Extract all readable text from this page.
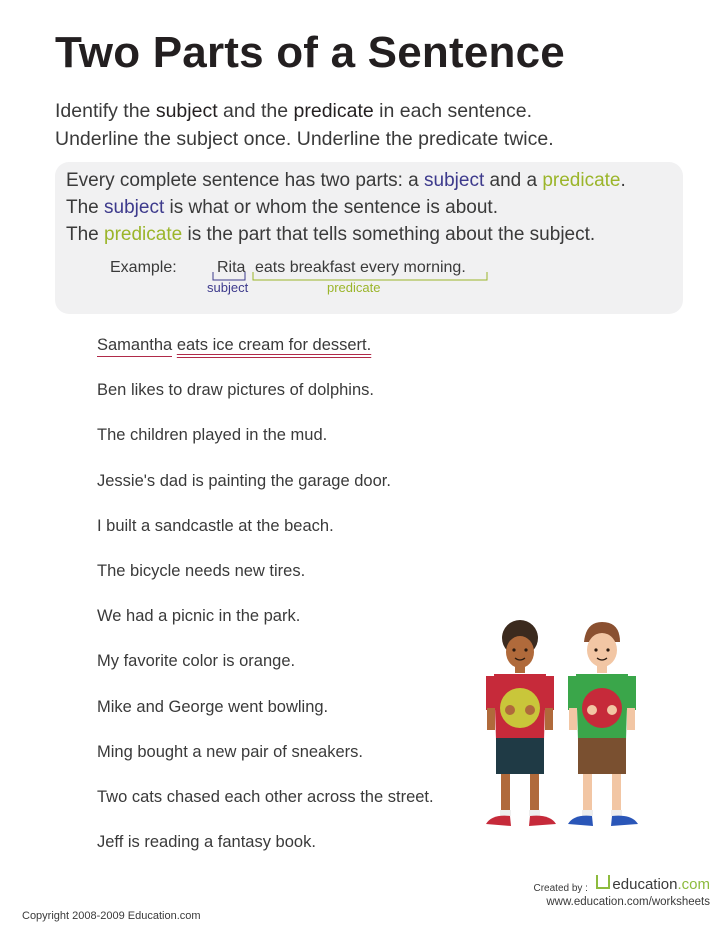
Two Parts of a Sentence
Identify the subject and the predicate in each sentence.
Underline the subject once. Underline the predicate twice.
Every complete sentence has two parts: a subject and a predicate.
The subject is what or whom the sentence is about.
The predicate is the part that tells something about the subject.
Example:	Rita eats breakfast every morning.
subject	predicate
Samantha eats ice cream for dessert.
Ben likes to draw pictures of dolphins.
The children played in the mud.
Jessie's dad is painting the garage door.
I built a sandcastle at the beach.
The bicycle needs new tires.
We had a picnic in the park.
My favorite color is orange.
Mike and George went bowling.
Ming bought a new pair of sneakers.
Two cats chased each other across the street.
Jeff is reading a fantasy book.
Copyright 2008-2009 Education.com
Created by : education.com
www.education.com/worksheets
